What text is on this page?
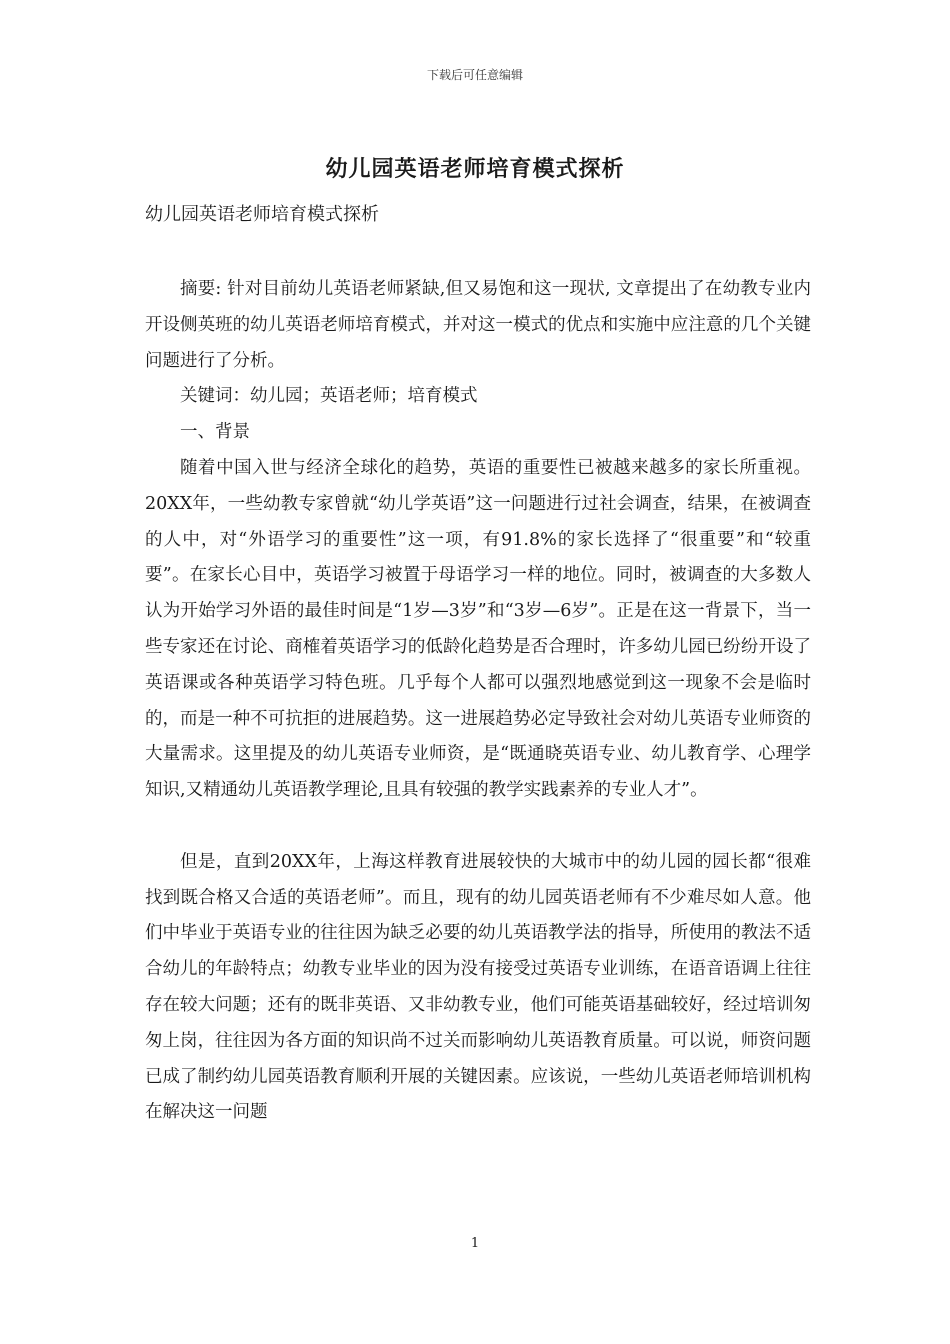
下载后可任意编辑
幼儿园英语老师培育模式探析
幼儿园英语老师培育模式探析

摘要: 针对目前幼儿英语老师紧缺,但又易饱和这一现状, 文章提出了在幼教专业内开设侧英班的幼儿英语老师培育模式，并对这一模式的优点和实施中应注意的几个关键问题进行了分析。

关键词：幼儿园；英语老师；培育模式

一、背景

随着中国入世与经济全球化的趋势，英语的重要性已被越来越多的家长所重视。20XX年，一些幼教专家曾就“幼儿学英语”这一问题进行过社会调查，结果，在被调查的人中，对“外语学习的重要性”这一项，有91.8%的家长选择了“很重要”和“较重要”。在家长心目中，英语学习被置于母语学习一样的地位。同时，被调查的大多数人认为开始学习外语的最佳时间是“1岁—3岁”和“3岁—6岁”。正是在这一背景下，当一些专家还在讨论、商榷着英语学习的低龄化趋势是否合理时，许多幼儿园已纷纷开设了英语课或各种英语学习特色班。几乎每个人都可以强烈地感觉到这一现象不会是临时的，而是一种不可抗拒的进展趋势。这一进展趋势必定导致社会对幼儿英语专业师资的大量需求。这里提及的幼儿英语专业师资，是“既通晓英语专业、幼儿教育学、心理学知识,又精通幼儿英语教学理论,且具有较强的教学实践素养的专业人才”。

但是，直到20XX年，上海这样教育进展较快的大城市中的幼儿园的园长都“很难找到既合格又合适的英语老师”。而且，现有的幼儿园英语老师有不少难尽如人意。他们中毕业于英语专业的往往因为缺乏必要的幼儿英语教学法的指导，所使用的教法不适合幼儿的年龄特点；幼教专业毕业的因为没有接受过英语专业训练，在语音语调上往往存在较大问题；还有的既非英语、又非幼教专业，他们可能英语基础较好，经过培训匆匆上岗，往往因为各方面的知识尚不过关而影响幼儿英语教育质量。可以说，师资问题已成了制约幼儿园英语教育顺利开展的关键因素。应该说，一些幼儿英语老师培训机构在解决这一问题

1
